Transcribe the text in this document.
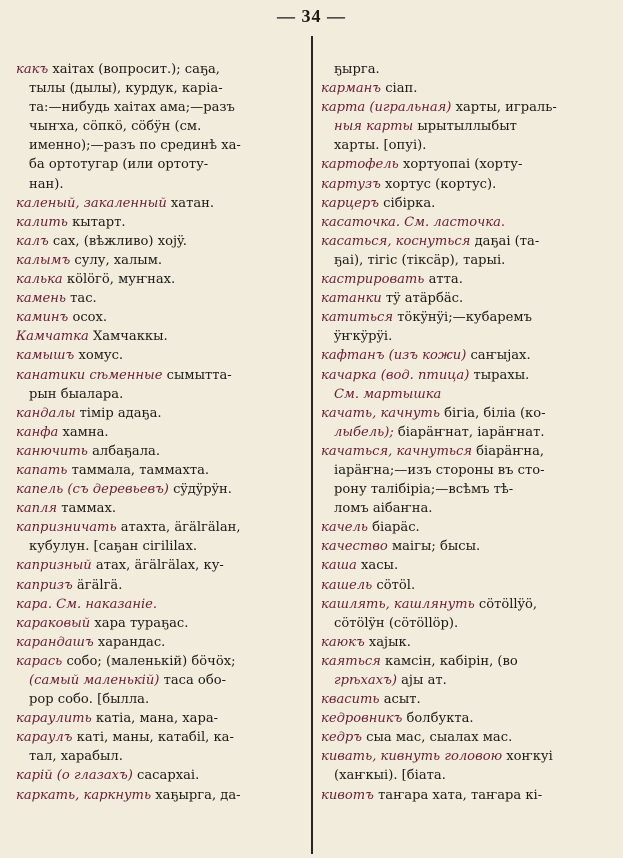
— 34 —
какъ хаітах (вопросит.); саҕа,
тылы (дылы), курдук, каріа-
та:—нибудь хаітах ама;—разъ
чыҥха, сöпкö, сöбÿн (см.
именно);—разъ по срединѣ ха-
ба ортотугар (или ортоту-
нан).
каленый, закаленный хатан.
калить кытарт.
калъ сах, (вѣжливо) хоjÿ.
калымъ сулу, халым.
калька кölöгö, муҥнах.
камень тас.
каминъ осох.
Камчатка Хамчаккы.
камышъ хомус.
канатики сѣменные сымытта-
рын быалара.
кандалы тімір адаҕа.
канфа хамна.
канючить албаҕала.
капать таммала, таммахта.
капель (съ деревьевъ) сÿдÿрÿн.
капля таммах.
капризничать атахта, äгälгälан,
кубулун. [саҕан сігіlilах.
капризный атах, äгälгälах, ку-
капризъ äгälгä.
кара. См. наказаніе.
караковый хара тураҕас.
карандашъ харандас.
карась собо; (маленькій) бöчöх;
(самый маленькій) таса обо-
рор собо. [былла.
караулить катіа, мана, хара-
караулъ каті, маны, катабіl, ка-
тал, харабыл.
карій (о глазахъ) сасархаі.
каркать, каркнуть хаҕырга, да-
ҕырга.
карманъ сіап.
карта (игральная) харты, играль-
ныя карты ырытыллыбыт
харты. [опуі).
картофель хортуопаі (хорту-
картузъ хортус (кортус).
карцеръ сібірка.
касаточка. См. ласточка.
касаться, коснуться даҕаі (та-
ҕаі), тігіс (тіксäр), тарыі.
кастрировать атта.
катанки тÿ атäрбäс.
катиться тöкÿнÿі;—кубаремъ
ÿҥкÿрÿі.
кафтанъ (изъ кожи) саҥыjах.
качарка (вод. птица) тырахы.
См. мартышка
качать, качнуть бігіа, біліа (ко-
лыбель); біарäҥнат, іарäҥнат.
качаться, качнуться біарäҥна,
іарäҥна;—изъ стороны въ сто-
рону талібіріа;—всѣмъ тѣ-
ломъ аібаҥна.
качель біарäс.
качество маігы; бысы.
каша хасы.
кашель сöтöl.
кашлять, кашлянуть сöтöllÿö,
сöтölÿн (сöтöllöр).
каюкъ хаjык.
каяться камсін, кабірін, (во
грѣхахъ) аjы ат.
квасить асыт.
кедровникъ болбукта.
кедръ сыа мас, сыалах мас.
кивать, кивнуть головою хоҥкуі
(хаҥкыі). [біата.
кивотъ таҥара хата, таҥара кі-
